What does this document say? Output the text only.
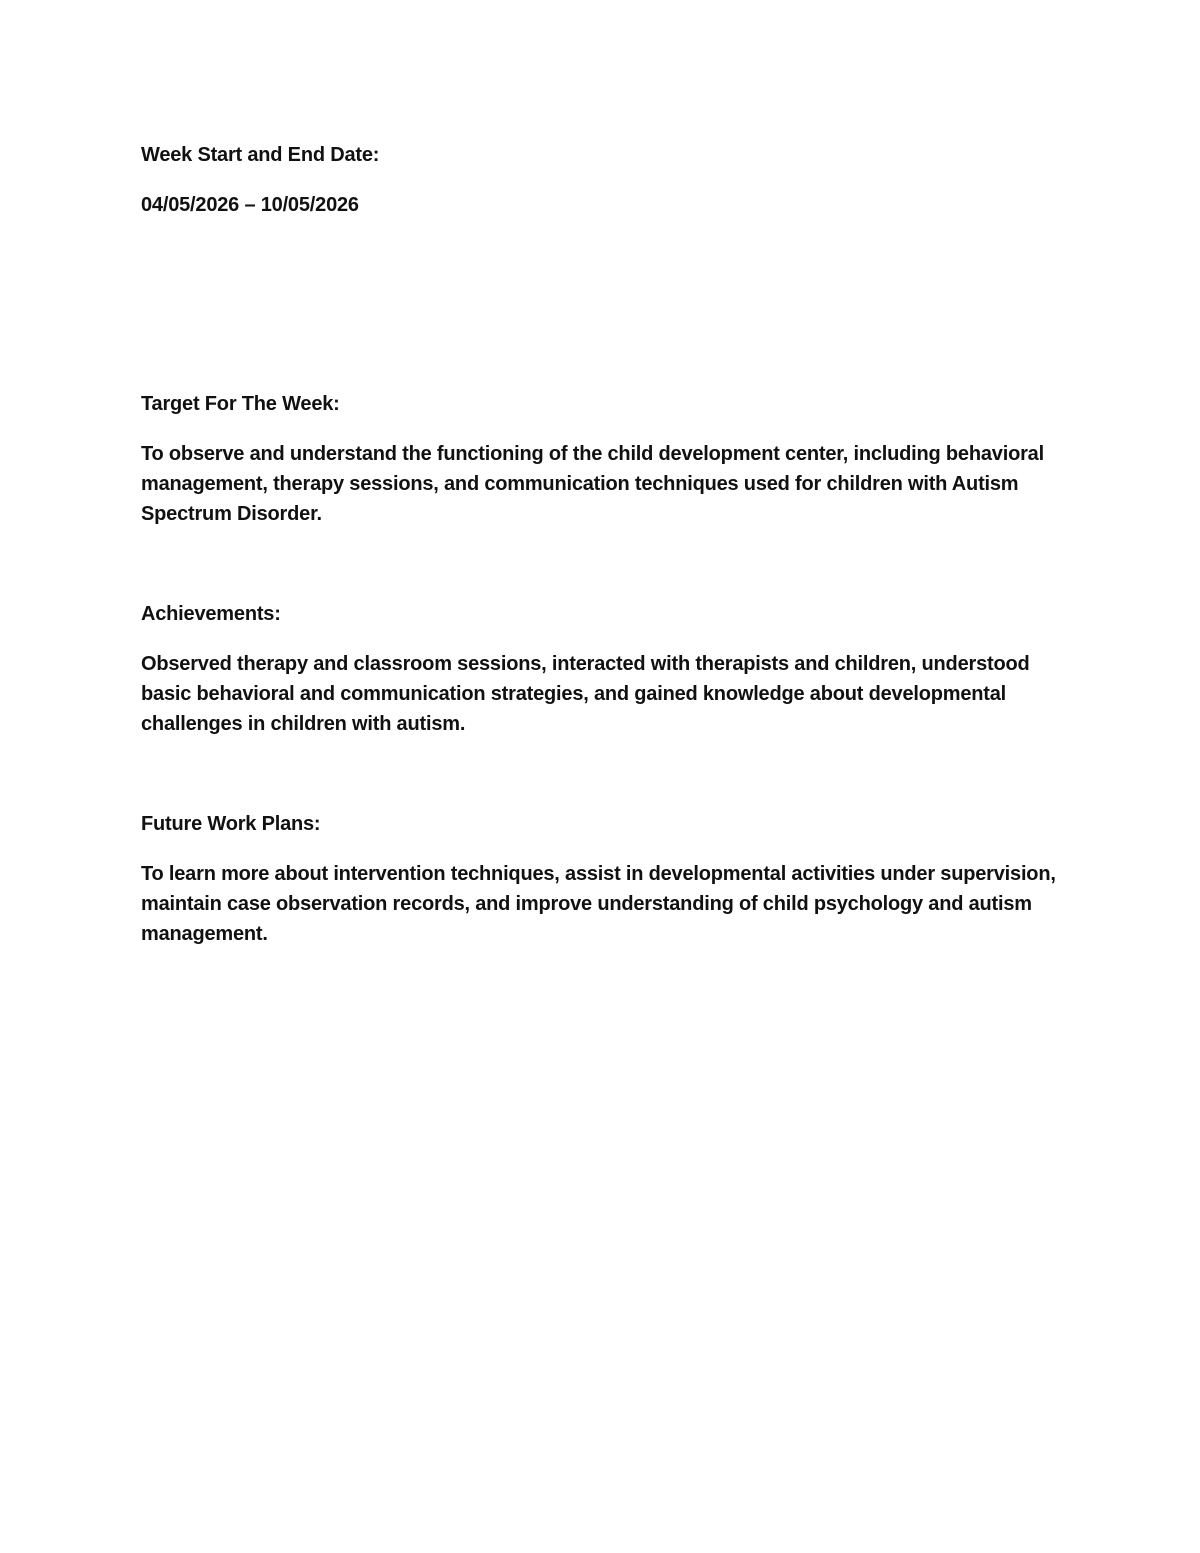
Week Start and End Date:

04/05/2026 – 10/05/2026

Target For The Week:

To observe and understand the functioning of the child development center, including behavioral management, therapy sessions, and communication techniques used for children with Autism Spectrum Disorder.

Achievements:

Observed therapy and classroom sessions, interacted with therapists and children, understood basic behavioral and communication strategies, and gained knowledge about developmental challenges in children with autism.

Future Work Plans:

To learn more about intervention techniques, assist in developmental activities under supervision, maintain case observation records, and improve understanding of child psychology and autism management.
